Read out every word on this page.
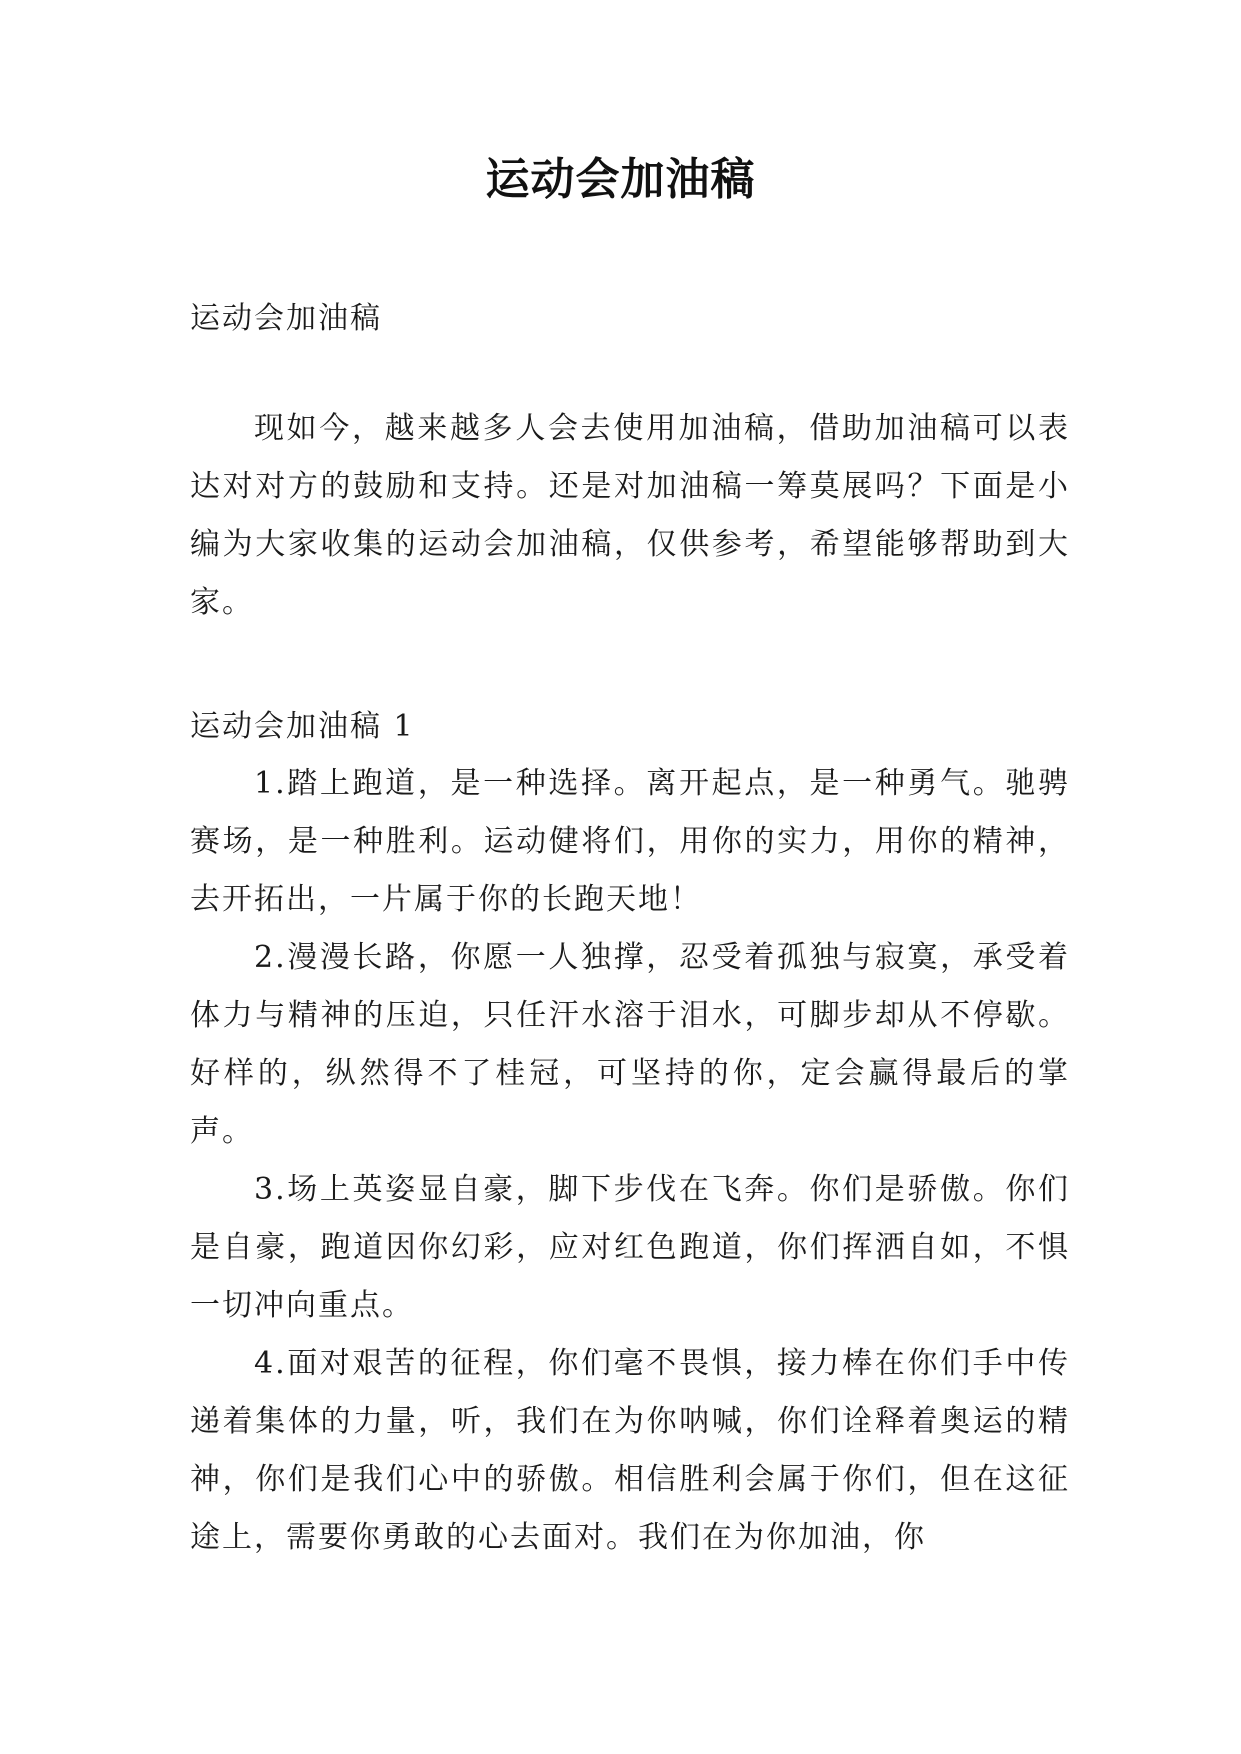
运动会加油稿
运动会加油稿

现如今，越来越多人会去使用加油稿，借助加油稿可以表达对对方的鼓励和支持。还是对加油稿一筹莫展吗？下面是小编为大家收集的运动会加油稿，仅供参考，希望能够帮助到大家。

运动会加油稿 1

1.踏上跑道，是一种选择。离开起点，是一种勇气。驰骋赛场，是一种胜利。运动健将们，用你的实力，用你的精神，去开拓出，一片属于你的长跑天地！

2.漫漫长路，你愿一人独撑，忍受着孤独与寂寞，承受着体力与精神的压迫，只任汗水溶于泪水，可脚步却从不停歇。好样的，纵然得不了桂冠，可坚持的你，定会赢得最后的掌声。

3.场上英姿显自豪，脚下步伐在飞奔。你们是骄傲。你们是自豪，跑道因你幻彩，应对红色跑道，你们挥洒自如，不惧一切冲向重点。

4.面对艰苦的征程，你们毫不畏惧，接力棒在你们手中传递着集体的力量，听，我们在为你呐喊，你们诠释着奥运的精神，你们是我们心中的骄傲。相信胜利会属于你们，但在这征途上，需要你勇敢的心去面对。我们在为你加油，你
